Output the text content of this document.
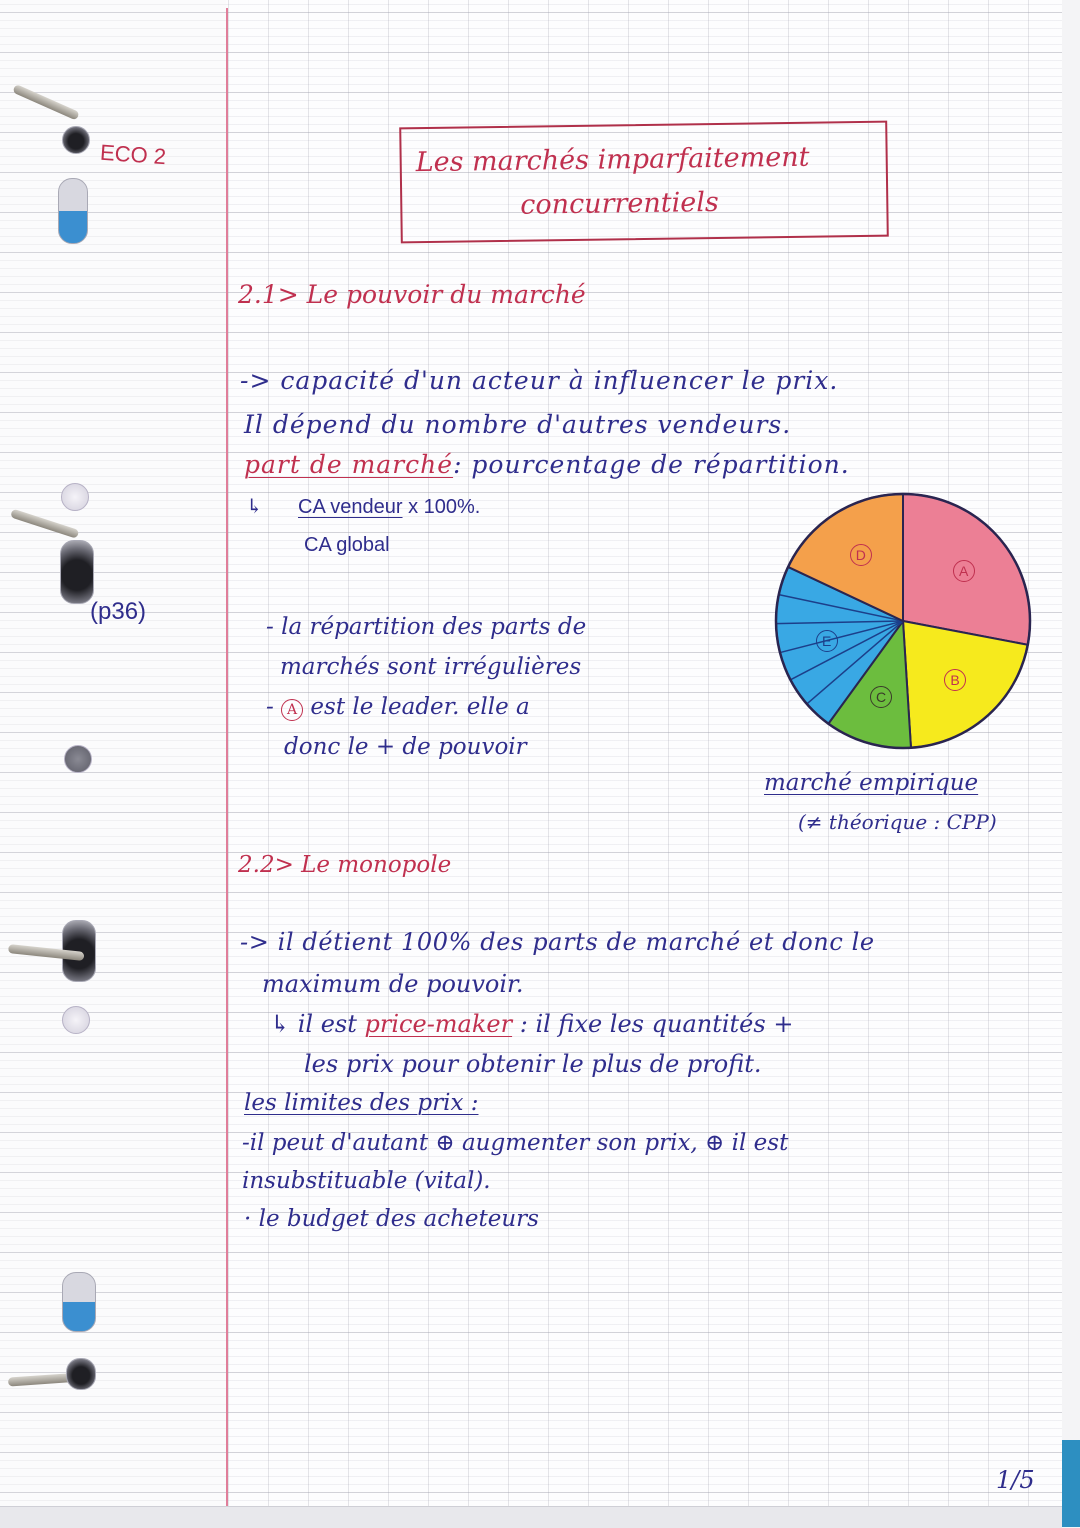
ECO 2
(p36)
Les marchés imparfaitement
concurrentiels
2.1> Le pouvoir du marché
-> capacité d'un acteur à influencer le prix.
Il dépend du nombre d'autres vendeurs.
part de marché: pourcentage de répartition.
↳ CA vendeur x 100%.
CA global
- la répartition des parts de
marchés sont irrégulières
- A est le leader. elle a
donc le + de pouvoir
A
B
C
E
D
marché empirique
(≠ théorique : CPP)
2.2> Le monopole
-> il détient 100% des parts de marché et donc le
maximum de pouvoir.
↳ il est price-maker : il fixe les quantités +
les prix pour obtenir le plus de profit.
les limites des prix :
-il peut d'autant ⊕ augmenter son prix, ⊕ il est
insubstituable (vital).
· le budget des acheteurs
1/5
